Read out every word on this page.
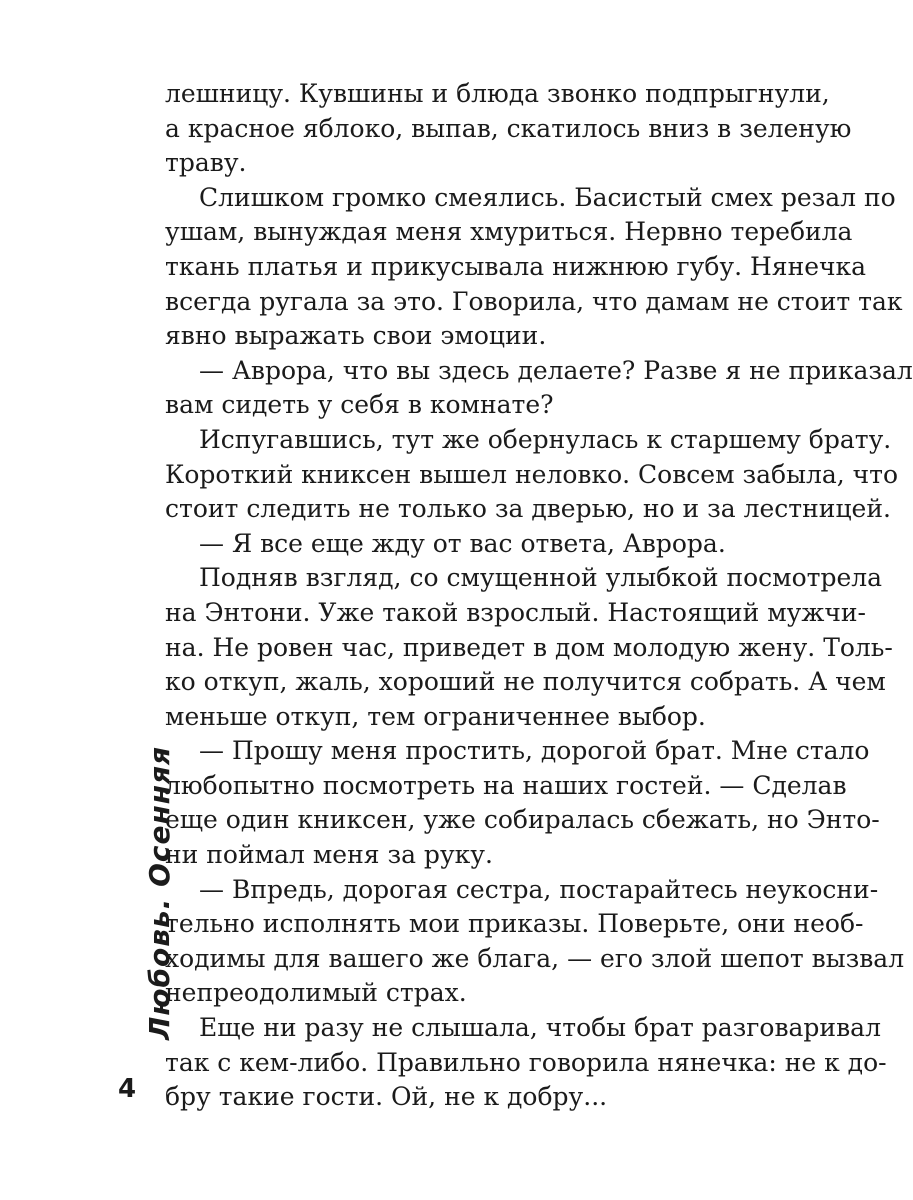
лешницу. Кувшины и блюда звонко подпрыгнули,
а красное яблоко, выпав, скатилось вниз в зеленую
траву.
Слишком громко смеялись. Басистый смех резал по
ушам, вынуждая меня хмуриться. Нервно теребила
ткань платья и прикусывала нижнюю губу. Нянечка
всегда ругала за это. Говорила, что дамам не стоит так
явно выражать свои эмоции.
— Аврора, что вы здесь делаете? Разве я не приказал
вам сидеть у себя в комнате?
Испугавшись, тут же обернулась к старшему брату.
Короткий книксен вышел неловко. Совсем забыла, что
стоит следить не только за дверью, но и за лестницей.
— Я все еще жду от вас ответа, Аврора.
Подняв взгляд, со смущенной улыбкой посмотрела
на Энтони. Уже такой взрослый. Настоящий мужчи-
на. Не ровен час, приведет в дом молодую жену. Толь-
ко откуп, жаль, хороший не получится собрать. А чем
меньше откуп, тем ограниченнее выбор.
— Прошу меня простить, дорогой брат. Мне стало
любопытно посмотреть на наших гостей. — Сделав
еще один книксен, уже собиралась сбежать, но Энто-
ни поймал меня за руку.
— Впредь, дорогая сестра, постарайтесь неукосни-
тельно исполнять мои приказы. Поверьте, они необ-
ходимы для вашего же блага, — его злой шепот вызвал
непреодолимый страх.
Еще ни разу не слышала, чтобы брат разговаривал
так с кем-либо. Правильно говорила нянечка: не к до-
бру такие гости. Ой, не к добру...
Любовь. Осенняя
4
